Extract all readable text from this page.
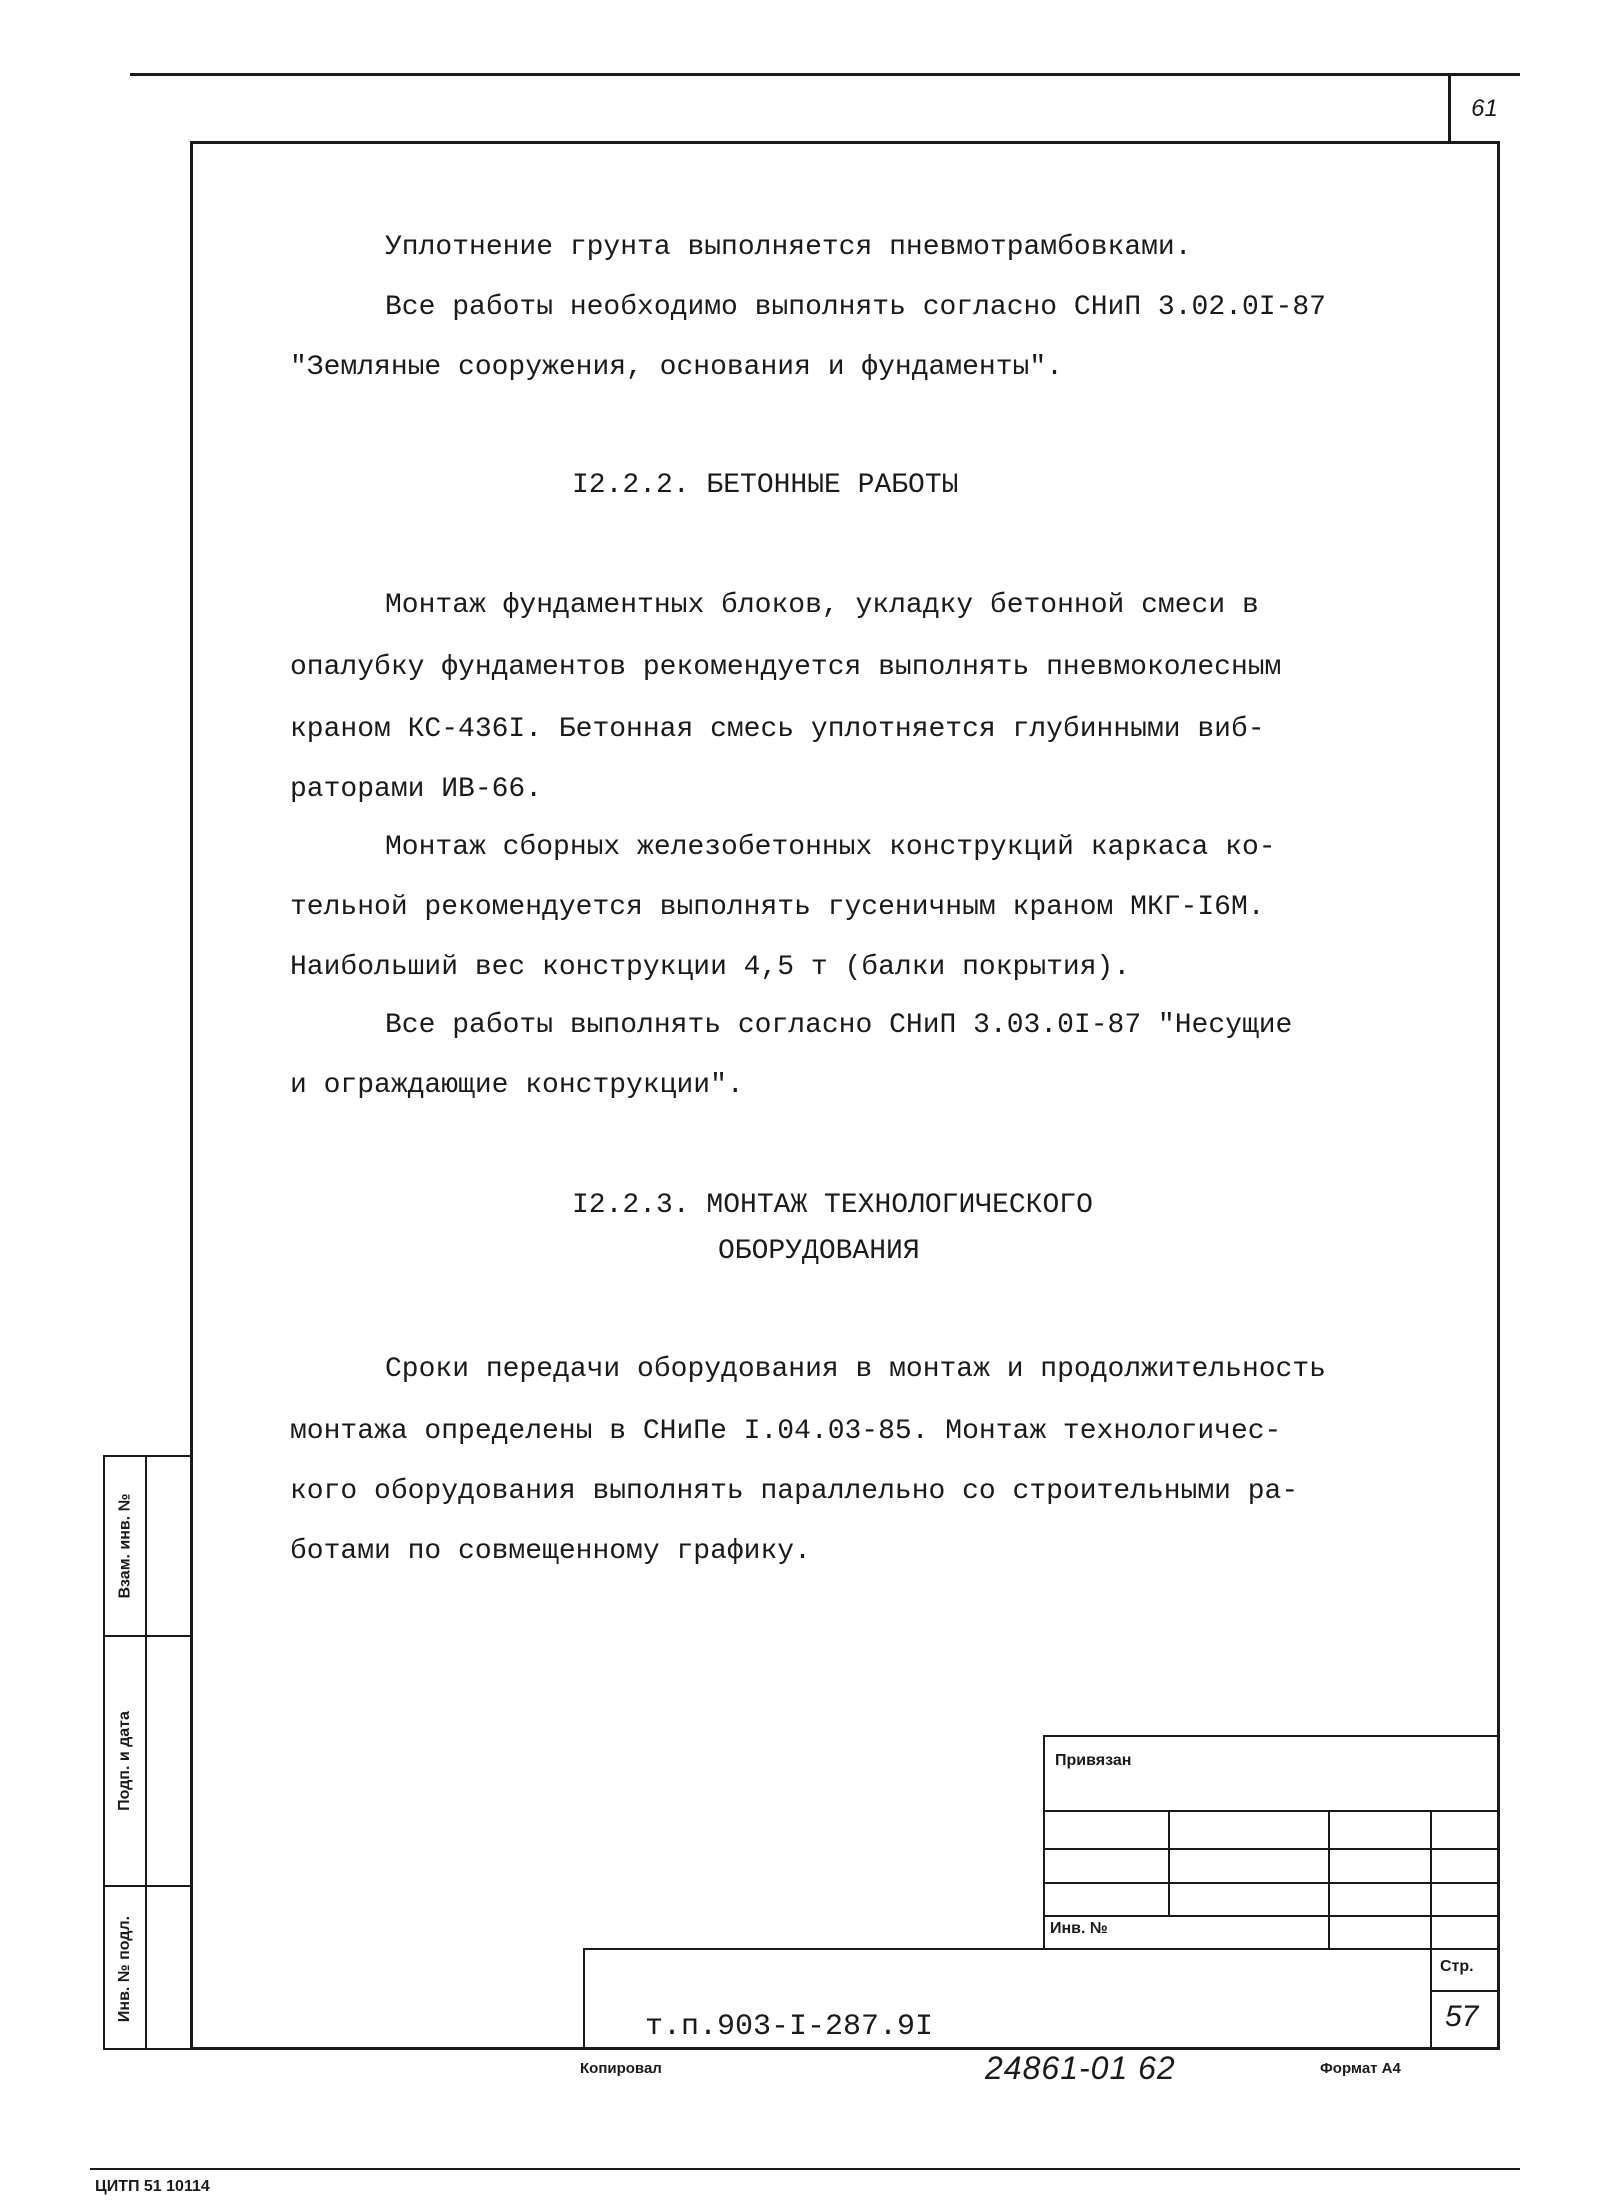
61
Уплотнение грунта выполняется пневмотрамбовками.
Все работы необходимо выполнять согласно СНиП 3.02.0I-87
"Земляные сооружения, основания и фундаменты".
I2.2.2. БЕТОННЫЕ РАБОТЫ
Монтаж фундаментных блоков, укладку бетонной смеси в
опалубку фундаментов рекомендуется выполнять пневмоколесным
краном КС-436I. Бетонная смесь уплотняется глубинными виб-
раторами ИВ-66.
Монтаж сборных железобетонных конструкций каркаса ко-
тельной рекомендуется выполнять гусеничным краном МКГ-I6М.
Наибольший вес конструкции 4,5 т (балки покрытия).
Все работы выполнять согласно СНиП 3.03.0I-87 "Несущие
и ограждающие конструкции".
I2.2.3. МОНТАЖ ТЕХНОЛОГИЧЕСКОГО
ОБОРУДОВАНИЯ
Сроки передачи оборудования в монтаж и продолжительность
монтажа определены в СНиПе I.04.03-85. Монтаж технологичес-
кого оборудования выполнять параллельно со строительными ра-
ботами по совмещенному графику.
Взам. инв. №
Подп. и дата
Инв. № подл.
Привязан
Инв. №
Стр.
57
т.п.903-I-287.9I
Копировал	24861-01 62	Формат А4
ЦИТП 51 10114
